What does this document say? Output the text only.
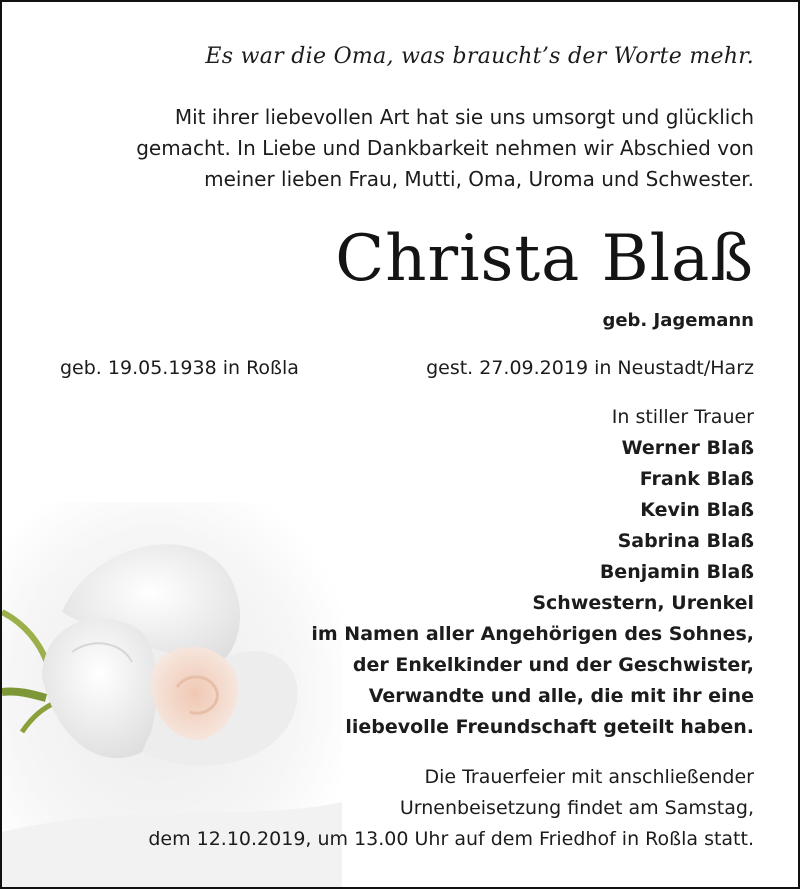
Es war die Oma, was braucht’s der Worte mehr.
Mit ihrer liebevollen Art hat sie uns umsorgt und glücklich
gemacht. In Liebe und Dankbarkeit nehmen wir Abschied von
meiner lieben Frau, Mutti, Oma, Uroma und Schwester.
Christa Blaß
geb. Jagemann
geb. 19.05.1938 in Roßla	gest. 27.09.2019 in Neustadt/Harz
In stiller Trauer
Werner Blaß
Frank Blaß
Kevin Blaß
Sabrina Blaß
Benjamin Blaß
Schwestern, Urenkel
im Namen aller Angehörigen des Sohnes,
der Enkelkinder und der Geschwister,
Verwandte und alle, die mit ihr eine
liebevolle Freundschaft geteilt haben.
Die Trauerfeier mit anschließender
Urnenbeisetzung findet am Samstag,
dem 12.10.2019, um 13.00 Uhr auf dem Friedhof in Roßla statt.
